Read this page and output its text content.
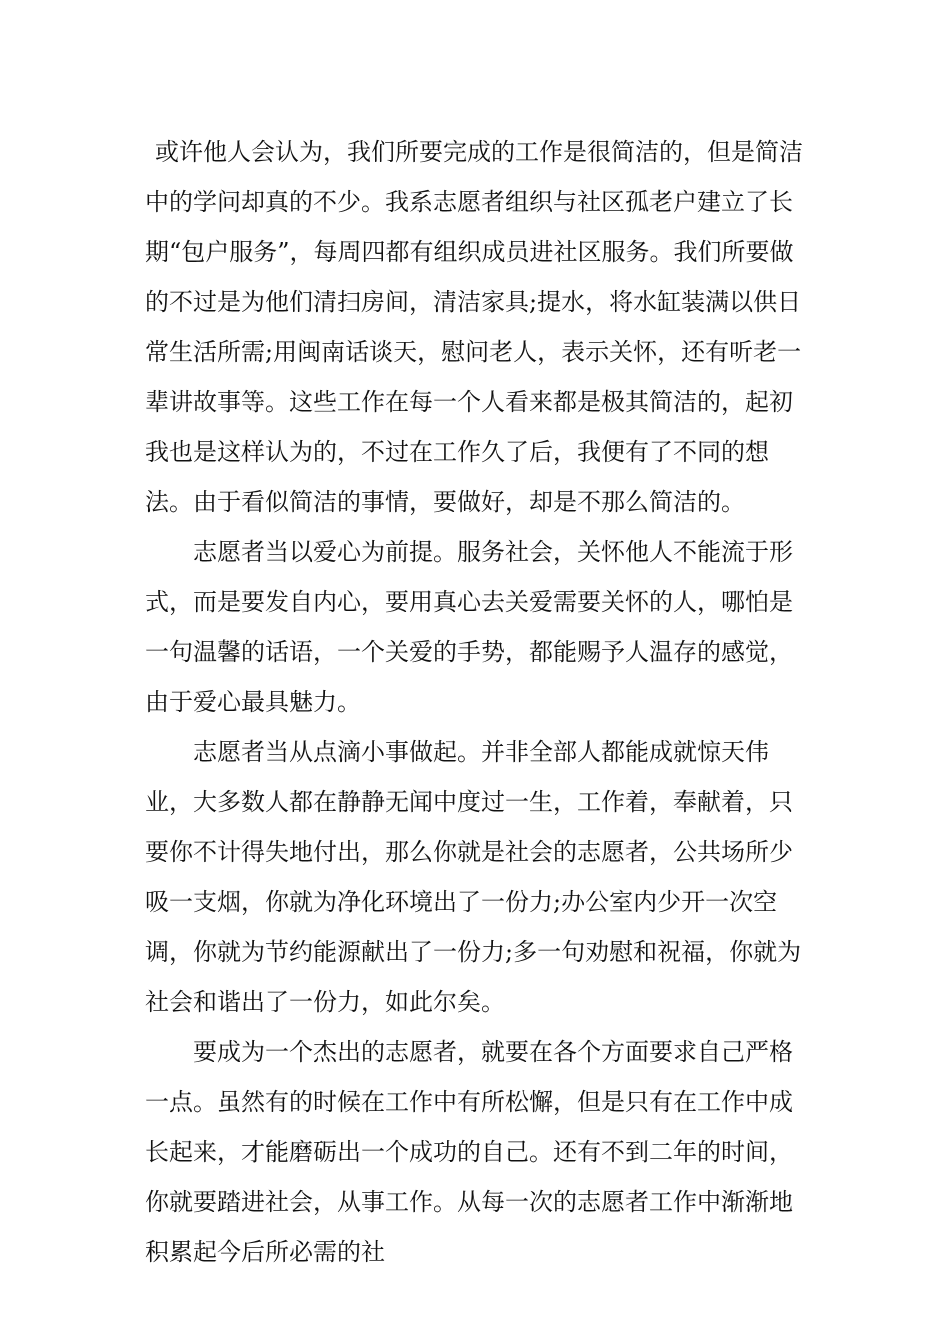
或许他人会认为，我们所要完成的工作是很简洁的，但是简洁中的学问却真的不少。我系志愿者组织与社区孤老户建立了长期“包户服务”，每周四都有组织成员进社区服务。我们所要做的不过是为他们清扫房间，清洁家具;提水，将水缸装满以供日常生活所需;用闽南话谈天，慰问老人，表示关怀，还有听老一辈讲故事等。这些工作在每一个人看来都是极其简洁的，起初我也是这样认为的，不过在工作久了后，我便有了不同的想法。由于看似简洁的事情，要做好，却是不那么简洁的。

志愿者当以爱心为前提。服务社会，关怀他人不能流于形式，而是要发自内心，要用真心去关爱需要关怀的人，哪怕是一句温馨的话语，一个关爱的手势，都能赐予人温存的感觉，由于爱心最具魅力。

志愿者当从点滴小事做起。并非全部人都能成就惊天伟业，大多数人都在静静无闻中度过一生，工作着，奉献着，只要你不计得失地付出，那么你就是社会的志愿者，公共场所少吸一支烟，你就为净化环境出了一份力;办公室内少开一次空调，你就为节约能源献出了一份力;多一句劝慰和祝福，你就为社会和谐出了一份力，如此尔矣。

要成为一个杰出的志愿者，就要在各个方面要求自己严格一点。虽然有的时候在工作中有所松懈，但是只有在工作中成长起来，才能磨砺出一个成功的自己。还有不到二年的时间，你就要踏进社会，从事工作。从每一次的志愿者工作中渐渐地积累起今后所必需的社
